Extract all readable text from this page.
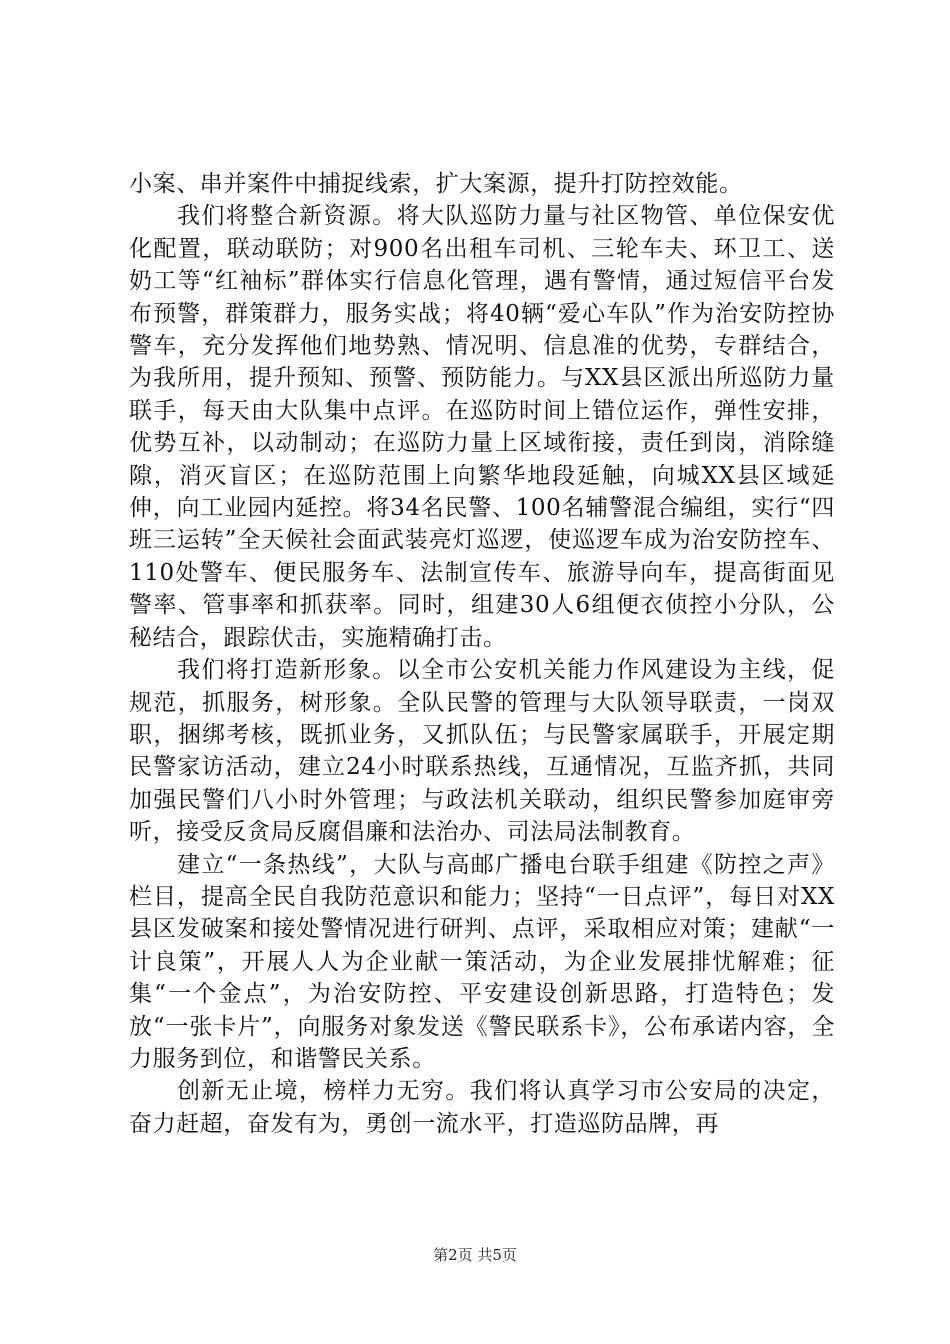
小案、串并案件中捕捉线索，扩大案源，提升打防控效能。

我们将整合新资源。将大队巡防力量与社区物管、单位保安优化配置，联动联防；对900名出租车司机、三轮车夫、环卫工、送奶工等“红袖标”群体实行信息化管理，遇有警情，通过短信平台发布预警，群策群力，服务实战；将40辆“爱心车队”作为治安防控协警车，充分发挥他们地势熟、情况明、信息准的优势，专群结合，为我所用，提升预知、预警、预防能力。与XX县区派出所巡防力量联手，每天由大队集中点评。在巡防时间上错位运作，弹性安排，优势互补，以动制动；在巡防力量上区域衔接，责任到岗，消除缝隙，消灭盲区；在巡防范围上向繁华地段延触，向城XX县区域延伸，向工业园内延控。将34名民警、100名辅警混合编组，实行“四班三运转”全天候社会面武装亮灯巡逻，使巡逻车成为治安防控车、110处警车、便民服务车、法制宣传车、旅游导向车，提高街面见警率、管事率和抓获率。同时，组建30人6组便衣侦控小分队，公秘结合，跟踪伏击，实施精确打击。

我们将打造新形象。以全市公安机关能力作风建设为主线，促规范，抓服务，树形象。全队民警的管理与大队领导联责，一岗双职，捆绑考核，既抓业务，又抓队伍；与民警家属联手，开展定期民警家访活动，建立24小时联系热线，互通情况，互监齐抓，共同加强民警们八小时外管理；与政法机关联动，组织民警参加庭审旁听，接受反贪局反腐倡廉和法治办、司法局法制教育。

建立“一条热线”，大队与高邮广播电台联手组建《防控之声》栏目，提高全民自我防范意识和能力；坚持“一日点评”，每日对XX县区发破案和接处警情况进行研判、点评，采取相应对策；建献“一计良策”，开展人人为企业献一策活动，为企业发展排忧解难；征集“一个金点”，为治安防控、平安建设创新思路，打造特色；发放“一张卡片”，向服务对象发送《警民联系卡》，公布承诺内容，全力服务到位，和谐警民关系。

创新无止境，榜样力无穷。我们将认真学习市公安局的决定，奋力赶超，奋发有为，勇创一流水平，打造巡防品牌，再

第2页 共5页
